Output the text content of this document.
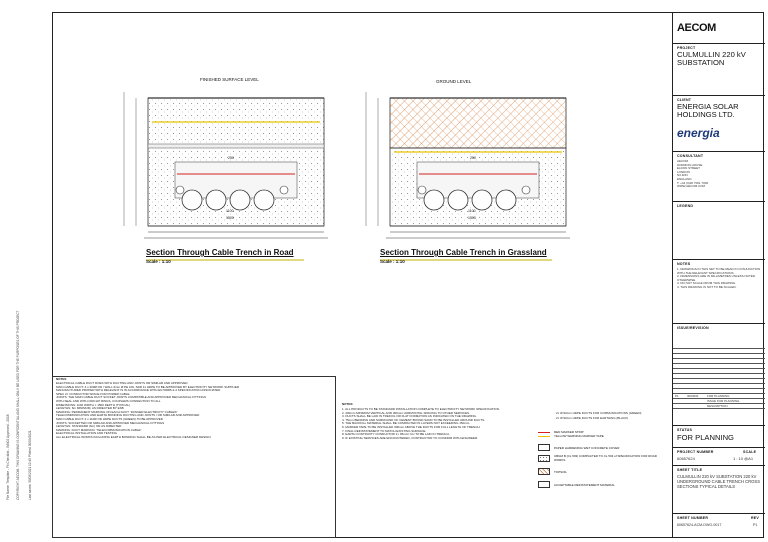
File Name: Template - Fit Checklist - INN02 Approved - 2018 COPYRIGHT AECOM. THIS DRAWING IS CONFIDENTIAL AND SHALL ONLY BE USED FOR THE PURPOSES OF THIS PROJECT	Last saved: 30/09/2021 12:45 Plotted 30/09/2021
FINISHED SURFACE LEVEL	GROUND LEVEL
250	250
1100
1500
1100
1500
Section Through Cable Trench in Road
Scale : 1:10
Section Through Cable Trench in Grassland
Scale : 1:10
NOTES
ELECTRICAL CABLE DUCT DOES WITH DUCTING AND JOINTS OR SIMILAR AND APPROVED
MAIN CABLE DUCT: 4 x 200Ø OD / WALL 6mm Ø PE 100, SDR 11 HDPE TO BE APPROVED BY ELECTRICITY NETWORK SUPPLIER
MANUFACTURED PROPER WITH RELEVANT IS IN ACCORDANCE WITH EN 50086-2-4 SPECIFICATION ASSOCIATED
SPEC 2× CONDUCTOR SPACE FOR POWER CABLE
JOINTS: THE MAIN CABLE DUCT SOCKET JOINTS COMPATIBLE AND APPROVED MECHANICAL FITTINGS
WITH SEAL AND WITH CIRCLIP RINGS, COUPLERS CONNECTION TO ALL
DIMENSIONS: 1100 WIDTH × 1500 DEPTH (TYPICAL)
LENGTHS: 6m MINIMUM, AS DIRECTED BY ESB
MARKING: PERMANENT MARKING ON EACH DUCT “DANGER ELECTRICITY CABLES”
TELECOMMUNICATION AND EARTH BONDING DUCTING AND JOINTS / OR SIMILAR AND APPROVED
MAIN CABLE DUCT: 2 x 110Ø OD HDPE DUCTS (GREEN) TO BE APPROVED
JOINTS: SOCKETTED OR SIMILAR AND APPROVED MECHANICAL FITTINGS
LENGTHS: STANDARD (6m) OR AS DIRECTED
MARKING: DUCT MARKING “TELECOMMUNICATION CABLE”
ELECTRICAL INSTALLATION AND TESTING
ALL ELECTRICAL WORKS INCLUDING EARTH BONDING SHALL BE AS PER ELECTRICAL DESIGNER DESIGN.
NOTES:
1. ALL PRODUCTS TO BE STANDARD INSTALLATION COMPLETE TO ELECTRICITY NETWORK SPECIFICATION.
2. 200mm MINIMUM VERTICAL AND 300mm HORIZONTAL SPACING TO OTHER SERVICES.
3. DUCTS SHALL BE LAID IN TREFOIL OR FLAT FORMATION AS INDICATED ON THE DRAWING.
4. 75mm BEDDING AND SURROUND OF CEMENT BOUND SAND TO BE INSTALLED AROUND DUCTS.
5. THE BACKFILL MATERIAL SHALL BE COMPACTED IN LAYERS NOT EXCEEDING 150mm.
6. MARKER TAPE TO BE INSTALLED 300mm ABOVE THE DUCTS FOR FULL LENGTH OF TRENCH.
7. FINAL REINSTATEMENT TO MATCH EXISTING SURFACE.
8. EARTH CONTINUITY CONDUCTOR 1× 95mm² CU TO BE LAID IN TRENCH.
9. IF EXISTING SERVICES ARE ENCOUNTERED, CONTRACTOR TO CONFIRM WITH ENGINEER.
2× Ø 90mm HDPE DUCTS FOR COMMUNICATIONS (GREEN)
2× Ø 90mm HDPE DUCTS FOR EARTHING (BLACK)
RED MARKER STRIP
YELLOW WARNING MARKER TAPE
PAPER HARDENING WET CONCRETE COVER
CBGM B (CL 503) COMPACTED TO CL 503 of SPECIFICATION FOR ROAD WORKS
TOPSOIL
ACCEPTABLE REINSTATEMENT MATERIAL
AECOM
PROJECT
CULMULLIN 220 kV SUBSTATION
CLIENT
ENERGIA SOLAR HOLDINGS LTD.
energia
CONSULTANT
AECOM
HORIZON HOUSE
ELDON STREET
LONDON
N3 4DN
ENGLAND
T: +44 (0)20 7061 7000
WWW.AECOM.COM
LEGEND
NOTES
1. DRAWINGS IN THIS SET TO BE READ IN CONJUNCTION WITH THE RELEVANT SPECIFICATIONS.
2. DIMENSIONS ARE IN MILLIMETRES UNLESS NOTED OTHERWISE.
3. DO NOT SCALE FROM THIS DRAWING.
4. THIS DRAWING IS NOT TO BE SCALED.
ISSUE/REVISION
P1	30/09/21	FOR PLANNING
ISSUE FOR PLANNING
DESCRIPTION
STATUS
FOR PLANNING
PROJECT NUMBER
60657624
SCALE
1 : 10 @A1
SHEET TITLE
CULMULLIN 220 kV SUBSTATION 220 kV UNDERGROUND CABLE TRENCH CROSS SECTIONS TYPICAL DETAILS
SHEET NUMBER
60657624-ACM-DWG-0017
REV
P1
